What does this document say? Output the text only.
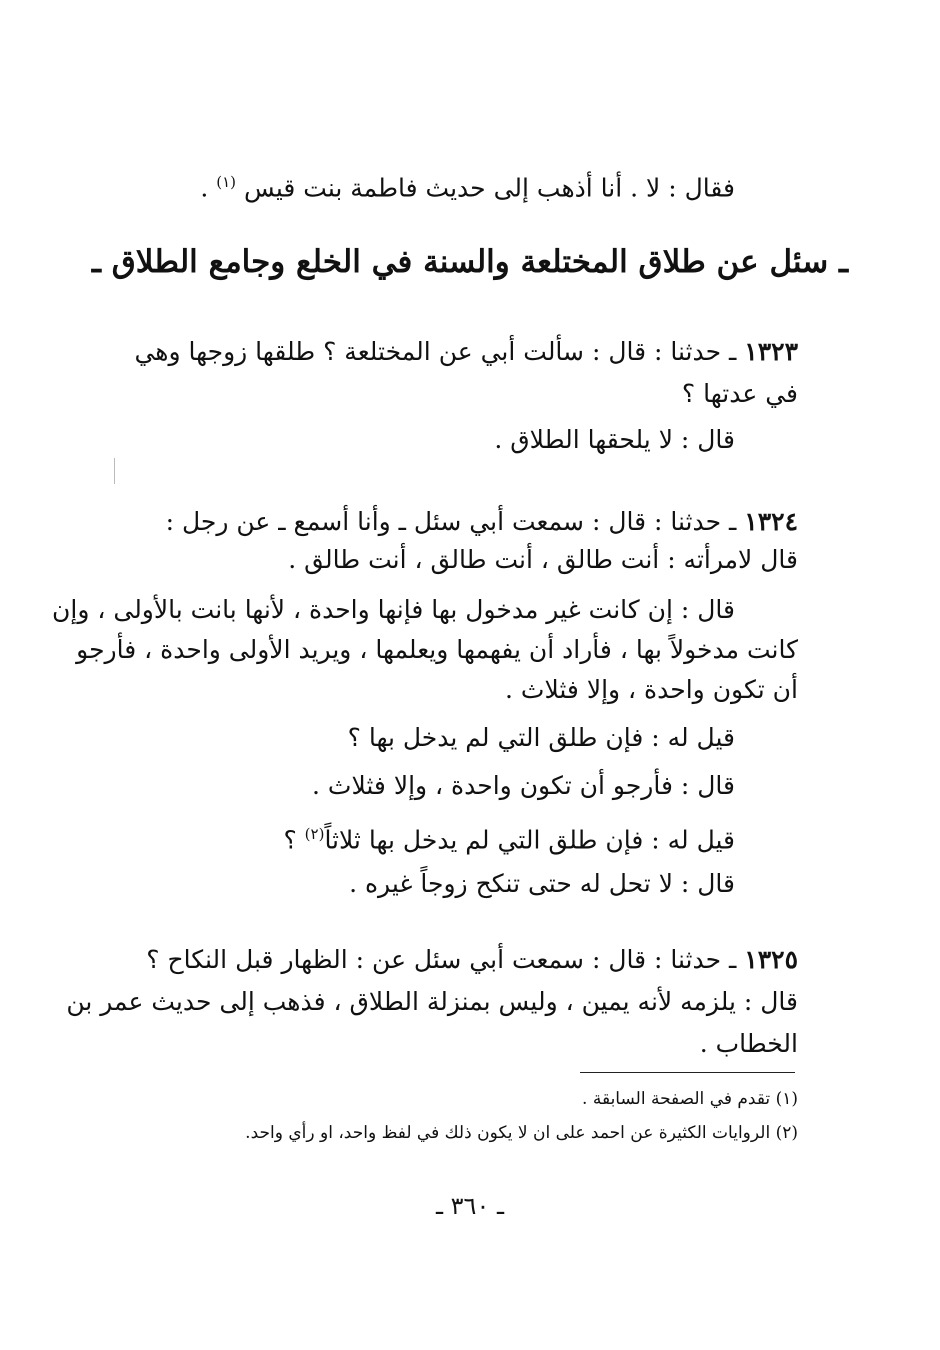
فقال : لا . أنا أذهب إلى حديث فاطمة بنت قيس $^{(١)}$ .
ـ سئل عن طلاق المختلعة والسنة في الخلع وجامع الطلاق ـ
١٣٢٣ ـ حدثنا : قال : سألت أبي عن المختلعة ؟ طلقها زوجها وهي
في عدتها ؟
قال : لا يلحقها الطلاق .
١٣٢٤ ـ حدثنا : قال : سمعت أبي سئل ـ وأنا أسمع ـ عن رجل :
قال لامرأته : أنت طالق ، أنت طالق ، أنت طالق .
قال : إن كانت غير مدخول بها فإنها واحدة ، لأنها بانت بالأولى ، وإن
كانت مدخولاً بها ، فأراد أن يفهمها ويعلمها ، ويريد الأولى واحدة ، فأرجو
أن تكون واحدة ، وإلا فثلاث .
قيل له : فإن طلق التي لم يدخل بها ؟
قال : فأرجو أن تكون واحدة ، وإلا فثلاث .
قيل له : فإن طلق التي لم يدخل بها ثلاثاً$^{(٢)}$ ؟
قال : لا تحل له حتى تنكح زوجاً غيره .
١٣٢٥ ـ حدثنا : قال : سمعت أبي سئل عن : الظهار قبل النكاح ؟
قال : يلزمه لأنه يمين ، وليس بمنزلة الطلاق ، فذهب إلى حديث عمر بن
الخطاب .
(١) تقدم في الصفحة السابقة .
(٢) الروايات الكثيرة عن احمد على ان لا يكون ذلك في لفظ واحد، او رأي واحد.
ـ ٣٦٠ ـ
